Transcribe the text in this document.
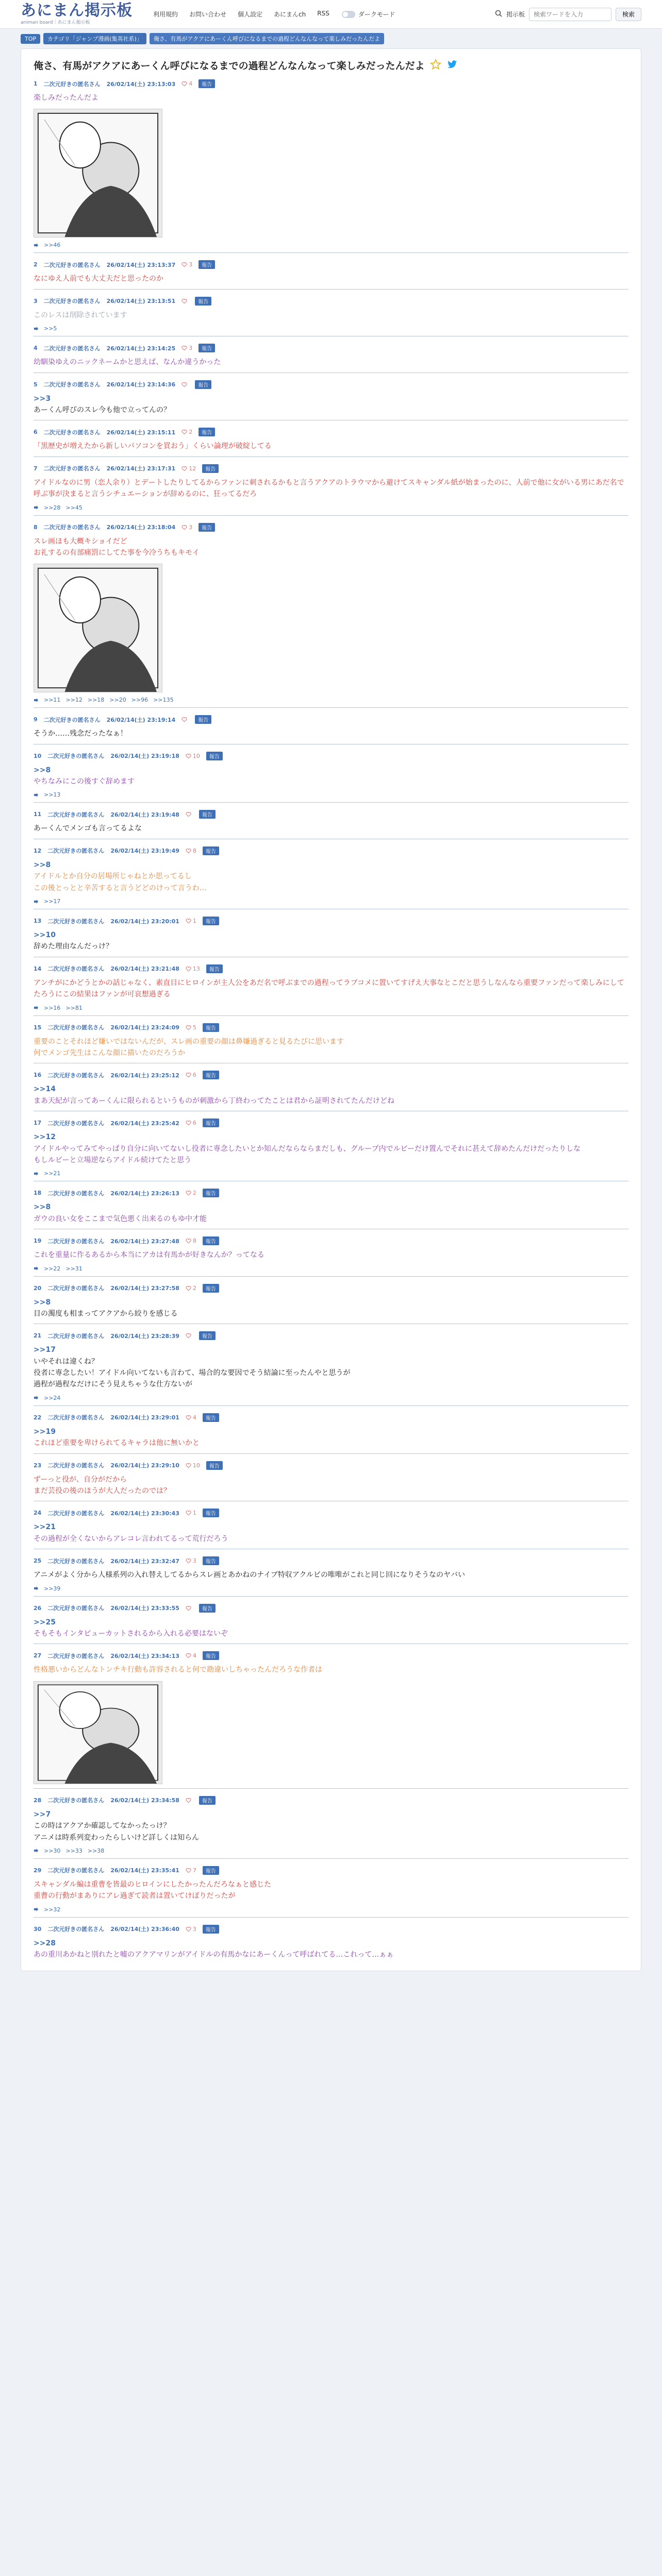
あにまん掲示板
animan board｜あにまん掲示板
利用規約 お問い合わせ 個人設定 あにまんch RSS	ダークモード	掲示板
検索ワードを入力	検索
TOP	カテゴリ「ジャンプ漫画(集英社系)」	俺さ、有馬がアクアにあーくん呼びになるまでの過程どんなんなって楽しみだったんだよ
俺さ、有馬がアクアにあーくん呼びになるまでの過程どんなんなって楽しみだったんだよ
1 二次元好きの匿名さん 26/02/14(土) 23:13:03 4	報告
楽しみだったんだよ
>>46
2 二次元好きの匿名さん 26/02/14(土) 23:13:37 3	報告
なにゆえ人前でも大丈夫だと思ったのか
3 二次元好きの匿名さん 26/02/14(土) 23:13:51	報告
このレスは削除されています
>>5
4 二次元好きの匿名さん 26/02/14(土) 23:14:25 3	報告
幼馴染ゆえのニックネームかと思えば、なんか違うかった
5 二次元好きの匿名さん 26/02/14(土) 23:14:36	報告
>>3
あーくん呼びのスレ今も他で立ってんの？
6 二次元好きの匿名さん 26/02/14(土) 23:15:11 2	報告
「黒歴史が増えたから新しいパソコンを買おう」くらい論理が破綻してる
7 二次元好きの匿名さん 26/02/14(土) 23:17:31 12	報告
アイドルなのに男（恋人余り）とデートしたりしてるからファンに刺されるかもと言うアクアのトラウマから避けてスキャンダル紙が始まったのに、人前で他に女がいる男にあだ名で呼ぶ事が決まると言うシチュエーションが辞めるのに、狂ってるだろ
>>28 >>45
8 二次元好きの匿名さん 26/02/14(土) 23:18:04 3	報告
スレ画ほも大概キショイだど
お礼するの有部痛罰にしてた事を今冷うちもキモイ
>>11 >>12 >>18 >>20 >>96 >>135
9 二次元好きの匿名さん 26/02/14(土) 23:19:14	報告
そうか……残念だったなぁ！
10 二次元好きの匿名さん 26/02/14(土) 23:19:18 10	報告
>>8
やちなみにこの後すぐ辞めます
>>13
11 二次元好きの匿名さん 26/02/14(土) 23:19:48	報告
あーくんでメンゴも言ってるよな
12 二次元好きの匿名さん 26/02/14(土) 23:19:49 8	報告
>>8
アイドルとか自分の居場所じゃねとか思ってるし
この後とっとと辛苦すると言うどどのけって言うわ…
>>17
13 二次元好きの匿名さん 26/02/14(土) 23:20:01 1	報告
>>10
辞めた理由なんだっけ？
14 二次元好きの匿名さん 26/02/14(土) 23:21:48 13	報告
アンチがにかどうとかの話じゃなく、素直目にヒロインが主人公をあだ名で呼ぶまでの過程ってラブコメに置いてすげえ大事なとこだと思うしなんなら重要ファンだって楽しみにしてたろうにこの結果はファンが可哀想過ぎる
>>16 >>81
15 二次元好きの匿名さん 26/02/14(土) 23:24:09 5	報告
重要のことそれほど嫌いではないんだが、スレ画の重要の顔は鼻嫌過ぎると見るたびに思います
何でメンゴ先生はこんな顔に描いたのだろうか
16 二次元好きの匿名さん 26/02/14(土) 23:25:12 6	報告
>>14
まあ天紀が言ってあーくんに限られるというものが刺激から丁終わってたことは君から証明されてたんだけどね
17 二次元好きの匿名さん 26/02/14(土) 23:25:42 6	報告
>>12
アイドルやってみてやっぱり自分に向いてないし役者に専念したいとか知んだならならまだしも、グループ内でルビーだけ置んでそれに甚えて辞めたんだけだったりしな
もしルビーと立場逆ならアイドル続けてたと思う
>>21
18 二次元好きの匿名さん 26/02/14(土) 23:26:13 2	報告
>>8
ガウの良い女をここまで気色悪く出来るのもゆ中才能
19 二次元好きの匿名さん 26/02/14(土) 23:27:48 8	報告
これを重量に作るあるから本当にアカは有馬かが好きなんか？ってなる
>>22 >>31
20 二次元好きの匿名さん 26/02/14(土) 23:27:58 2	報告
>>8
目の濁度も相まってアクアから絞りを感じる
21 二次元好きの匿名さん 26/02/14(土) 23:28:39	報告
>>17
いやそれは違くね？
役者に専念したい！アイドル向いてないも言わて、場合的な要因でそう結論に至ったんやと思うが
過程が過程なだけにそう見えちゃうな仕方ないが
>>24
22 二次元好きの匿名さん 26/02/14(土) 23:29:01 4	報告
>>19
これほど重要を卑けられてるキャラは他に無いかと
23 二次元好きの匿名さん 26/02/14(土) 23:29:10 10	報告
ずーっと役が、自分がだから
まだ芸役の後のほうが大人だったのでは？
24 二次元好きの匿名さん 26/02/14(土) 23:30:43 1	報告
>>21
その過程が全くないからアレコレ言われてるって荒行だろう
25 二次元好きの匿名さん 26/02/14(土) 23:32:47 3	報告
アニメがよく分から人様系列の入れ替えしてるからスレ画とあかねのナイブ特収アクルビの唯唯がこれと同じ回になりそうなのヤバい
>>39
26 二次元好きの匿名さん 26/02/14(土) 23:33:55	報告
>>25
そもそもインタビューカットされるから入れる必要はないぞ
27 二次元好きの匿名さん 26/02/14(土) 23:34:13 4	報告
性格悪いからどんなトンチキ行動も許容されると何で勘違いしちゃったんだろうな作者は
28 二次元好きの匿名さん 26/02/14(土) 23:34:58	報告
>>7
この時はアクアか確認してなかったっけ？
アニメは時系列変わったらしいけど詳しくは知らん
>>30 >>33 >>38
29 二次元好きの匿名さん 26/02/14(土) 23:35:41 7	報告
スキャンダル編は重曹を皆最のヒロインにしたかったんだろなぁと感じた
重曹の行動がまありにアレ過ぎて読者は置いてけぼりだったが
>>32
30 二次元好きの匿名さん 26/02/14(土) 23:36:40 3	報告
>>28
あの重川あかねと別れたと嘘のアクアマリンがアイドルの有馬かなにあーくんって呼ばれてる…これって…ぁぁ
